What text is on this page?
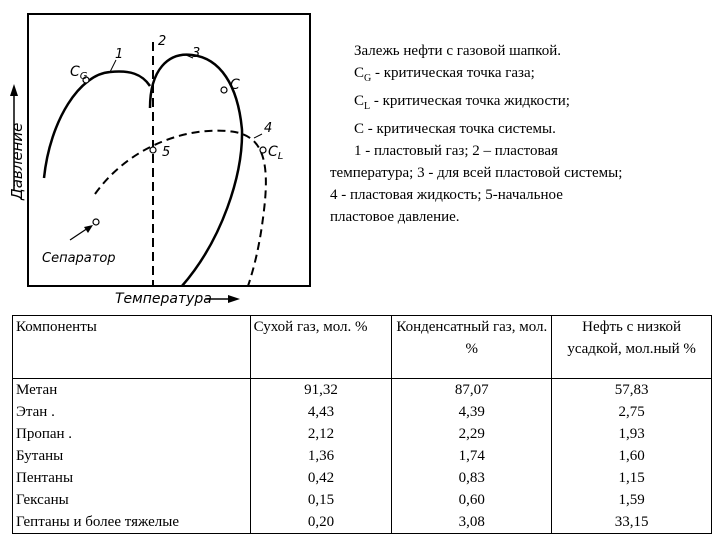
Давление
Температура
$C_G$
1
2
3
C
4
$C_L$
5
Сепаратор
Залежь нефти с газовой шапкой.
$C_G$ - критическая точка газа;
$C_L$ - критическая точка жидкости;
С - критическая точка системы.
1 - пластовый газ; 2 – пластовая температура; 3 - для всей пластовой системы; 4 - пластовая жидкость; 5-начальное пластовое давление.
Компоненты	Сухой газ, мол. %	Конденсатный газ, мол. %	Нефть с низкой усадкой, мол.ный %
Метан	91,32	87,07	57,83
Этан .	4,43	4,39	2,75
Пропан .	2,12	2,29	1,93
Бутаны	1,36	1,74	1,60
Пентаны	0,42	0,83	1,15
Гексаны	0,15	0,60	1,59
Гептаны и более тяжелые	0,20	3,08	33,15
